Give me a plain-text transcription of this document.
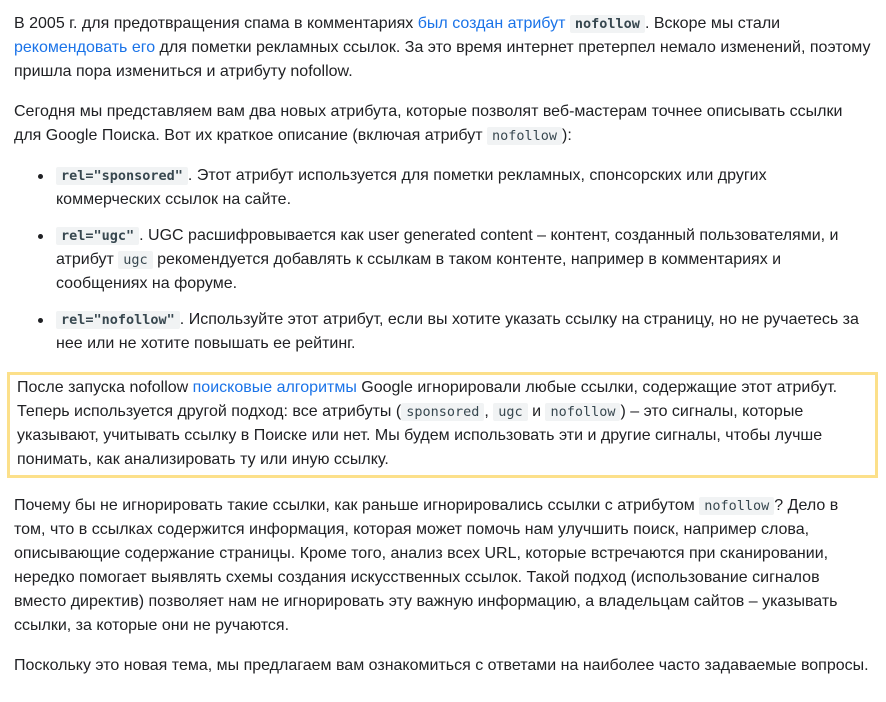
В 2005 г. для предотвращения спама в комментариях был создан атрибут nofollow . Вскоре мы стали рекомендовать его для пометки рекламных ссылок. За это время интернет претерпел немало изменений, поэтому пришла пора измениться и атрибуту nofollow.

Сегодня мы представляем вам два новых атрибута, которые позволят веб-мастерам точнее описывать ссылки для Google Поиска. Вот их краткое описание (включая атрибут nofollow ):

rel="sponsored" . Этот атрибут используется для пометки рекламных, спонсорских или других коммерческих ссылок на сайте.
rel="ugc" . UGC расшифровывается как user generated content – контент, созданный пользователями, и атрибут ugc рекомендуется добавлять к ссылкам в таком контенте, например в комментариях и сообщениях на форуме.
rel="nofollow" . Используйте этот атрибут, если вы хотите указать ссылку на страницу, но не ручаетесь за нее или не хотите повышать ее рейтинг.

После запуска nofollow поисковые алгоритмы Google игнорировали любые ссылки, содержащие этот атрибут. Теперь используется другой подход: все атрибуты ( sponsored , ugc и nofollow ) – это сигналы, которые указывают, учитывать ссылку в Поиске или нет. Мы будем использовать эти и другие сигналы, чтобы лучше понимать, как анализировать ту или иную ссылку.

Почему бы не игнорировать такие ссылки, как раньше игнорировались ссылки с атрибутом nofollow ? Дело в том, что в ссылках содержится информация, которая может помочь нам улучшить поиск, например слова, описывающие содержание страницы. Кроме того, анализ всех URL, которые встречаются при сканировании, нередко помогает выявлять схемы создания искусственных ссылок. Такой подход (использование сигналов вместо директив) позволяет нам не игнорировать эту важную информацию, а владельцам сайтов – указывать ссылки, за которые они не ручаются.

Поскольку это новая тема, мы предлагаем вам ознакомиться с ответами на наиболее часто задаваемые вопросы.
